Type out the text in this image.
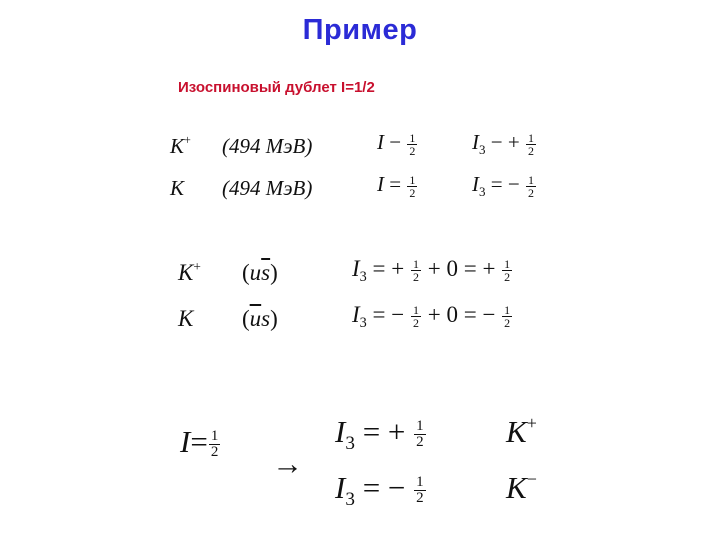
Пример
Изоспиновый дублет I=1/2
K+ (494 МэВ)	$I - \frac{1}{2}$	$I_3$ − + $\frac{1}{2}$
K (494 МэВ)	$I = \frac{1}{2}$	$I_3$ = − $\frac{1}{2}$
K+ $(u\overline{s})$	$I_3$ = + $\frac{1}{2} + 0$ = + $\frac{1}{2}$
K $(\overline{u}s)$	$I_3$ = − $\frac{1}{2} + 0$ = − $\frac{1}{2}$
$I= \frac{1}{2}$
→
$I_3$ = + $\frac{1}{2}$	K+
$I_3$ = − $\frac{1}{2}$	K−
